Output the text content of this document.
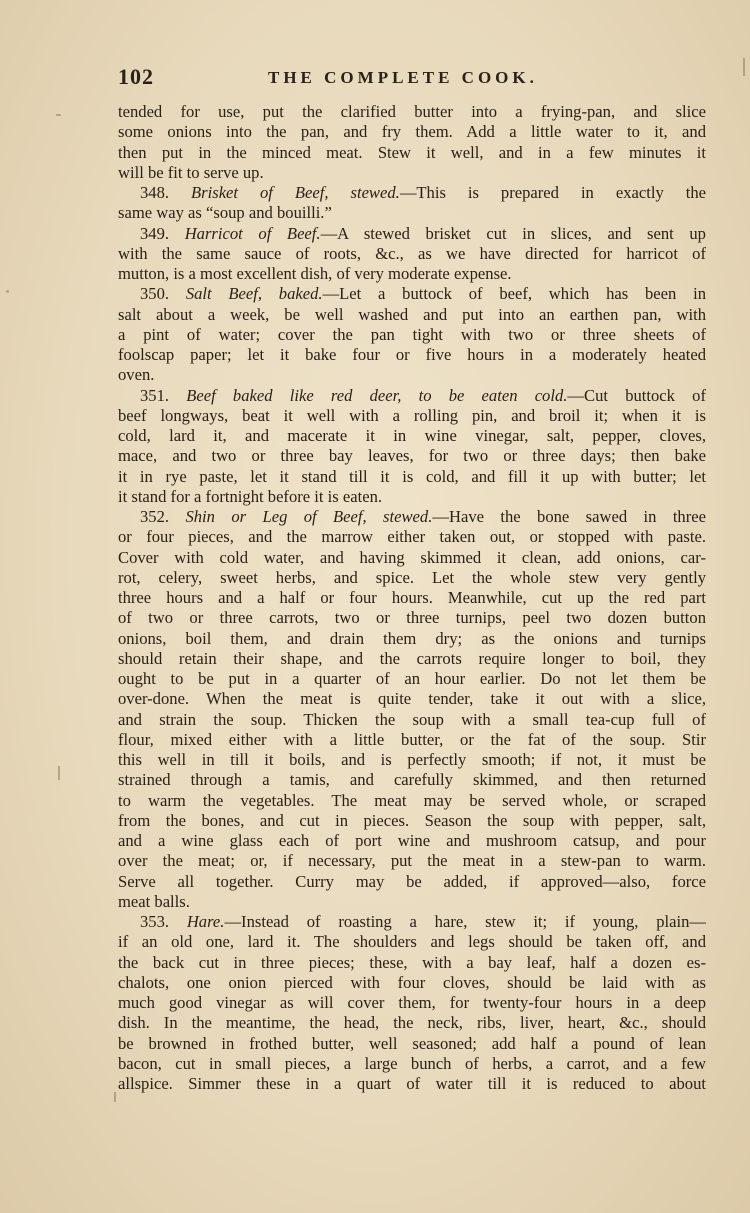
102	THE COMPLETE COOK.
tended for use, put the clarified butter into a frying-pan, and slice
some onions into the pan, and fry them. Add a little water to it, and
then put in the minced meat. Stew it well, and in a few minutes it
will be fit to serve up.
348. Brisket of Beef, stewed.—This is prepared in exactly the
same way as “soup and bouilli.”
349. Harricot of Beef.—A stewed brisket cut in slices, and sent up
with the same sauce of roots, &c., as we have directed for harricot of
mutton, is a most excellent dish, of very moderate expense.
350. Salt Beef, baked.—Let a buttock of beef, which has been in
salt about a week, be well washed and put into an earthen pan, with
a pint of water; cover the pan tight with two or three sheets of
foolscap paper; let it bake four or five hours in a moderately heated
oven.
351. Beef baked like red deer, to be eaten cold.—Cut buttock of
beef longways, beat it well with a rolling pin, and broil it; when it is
cold, lard it, and macerate it in wine vinegar, salt, pepper, cloves,
mace, and two or three bay leaves, for two or three days; then bake
it in rye paste, let it stand till it is cold, and fill it up with butter; let
it stand for a fortnight before it is eaten.
352. Shin or Leg of Beef, stewed.—Have the bone sawed in three
or four pieces, and the marrow either taken out, or stopped with paste.
Cover with cold water, and having skimmed it clean, add onions, car-
rot, celery, sweet herbs, and spice. Let the whole stew very gently
three hours and a half or four hours. Meanwhile, cut up the red part
of two or three carrots, two or three turnips, peel two dozen button
onions, boil them, and drain them dry; as the onions and turnips
should retain their shape, and the carrots require longer to boil, they
ought to be put in a quarter of an hour earlier. Do not let them be
over-done. When the meat is quite tender, take it out with a slice,
and strain the soup. Thicken the soup with a small tea-cup full of
flour, mixed either with a little butter, or the fat of the soup. Stir
this well in till it boils, and is perfectly smooth; if not, it must be
strained through a tamis, and carefully skimmed, and then returned
to warm the vegetables. The meat may be served whole, or scraped
from the bones, and cut in pieces. Season the soup with pepper, salt,
and a wine glass each of port wine and mushroom catsup, and pour
over the meat; or, if necessary, put the meat in a stew-pan to warm.
Serve all together. Curry may be added, if approved—also, force
meat balls.
353. Hare.—Instead of roasting a hare, stew it; if young, plain—
if an old one, lard it. The shoulders and legs should be taken off, and
the back cut in three pieces; these, with a bay leaf, half a dozen es-
chalots, one onion pierced with four cloves, should be laid with as
much good vinegar as will cover them, for twenty-four hours in a deep
dish. In the meantime, the head, the neck, ribs, liver, heart, &c., should
be browned in frothed butter, well seasoned; add half a pound of lean
bacon, cut in small pieces, a large bunch of herbs, a carrot, and a few
allspice. Simmer these in a quart of water till it is reduced to about
